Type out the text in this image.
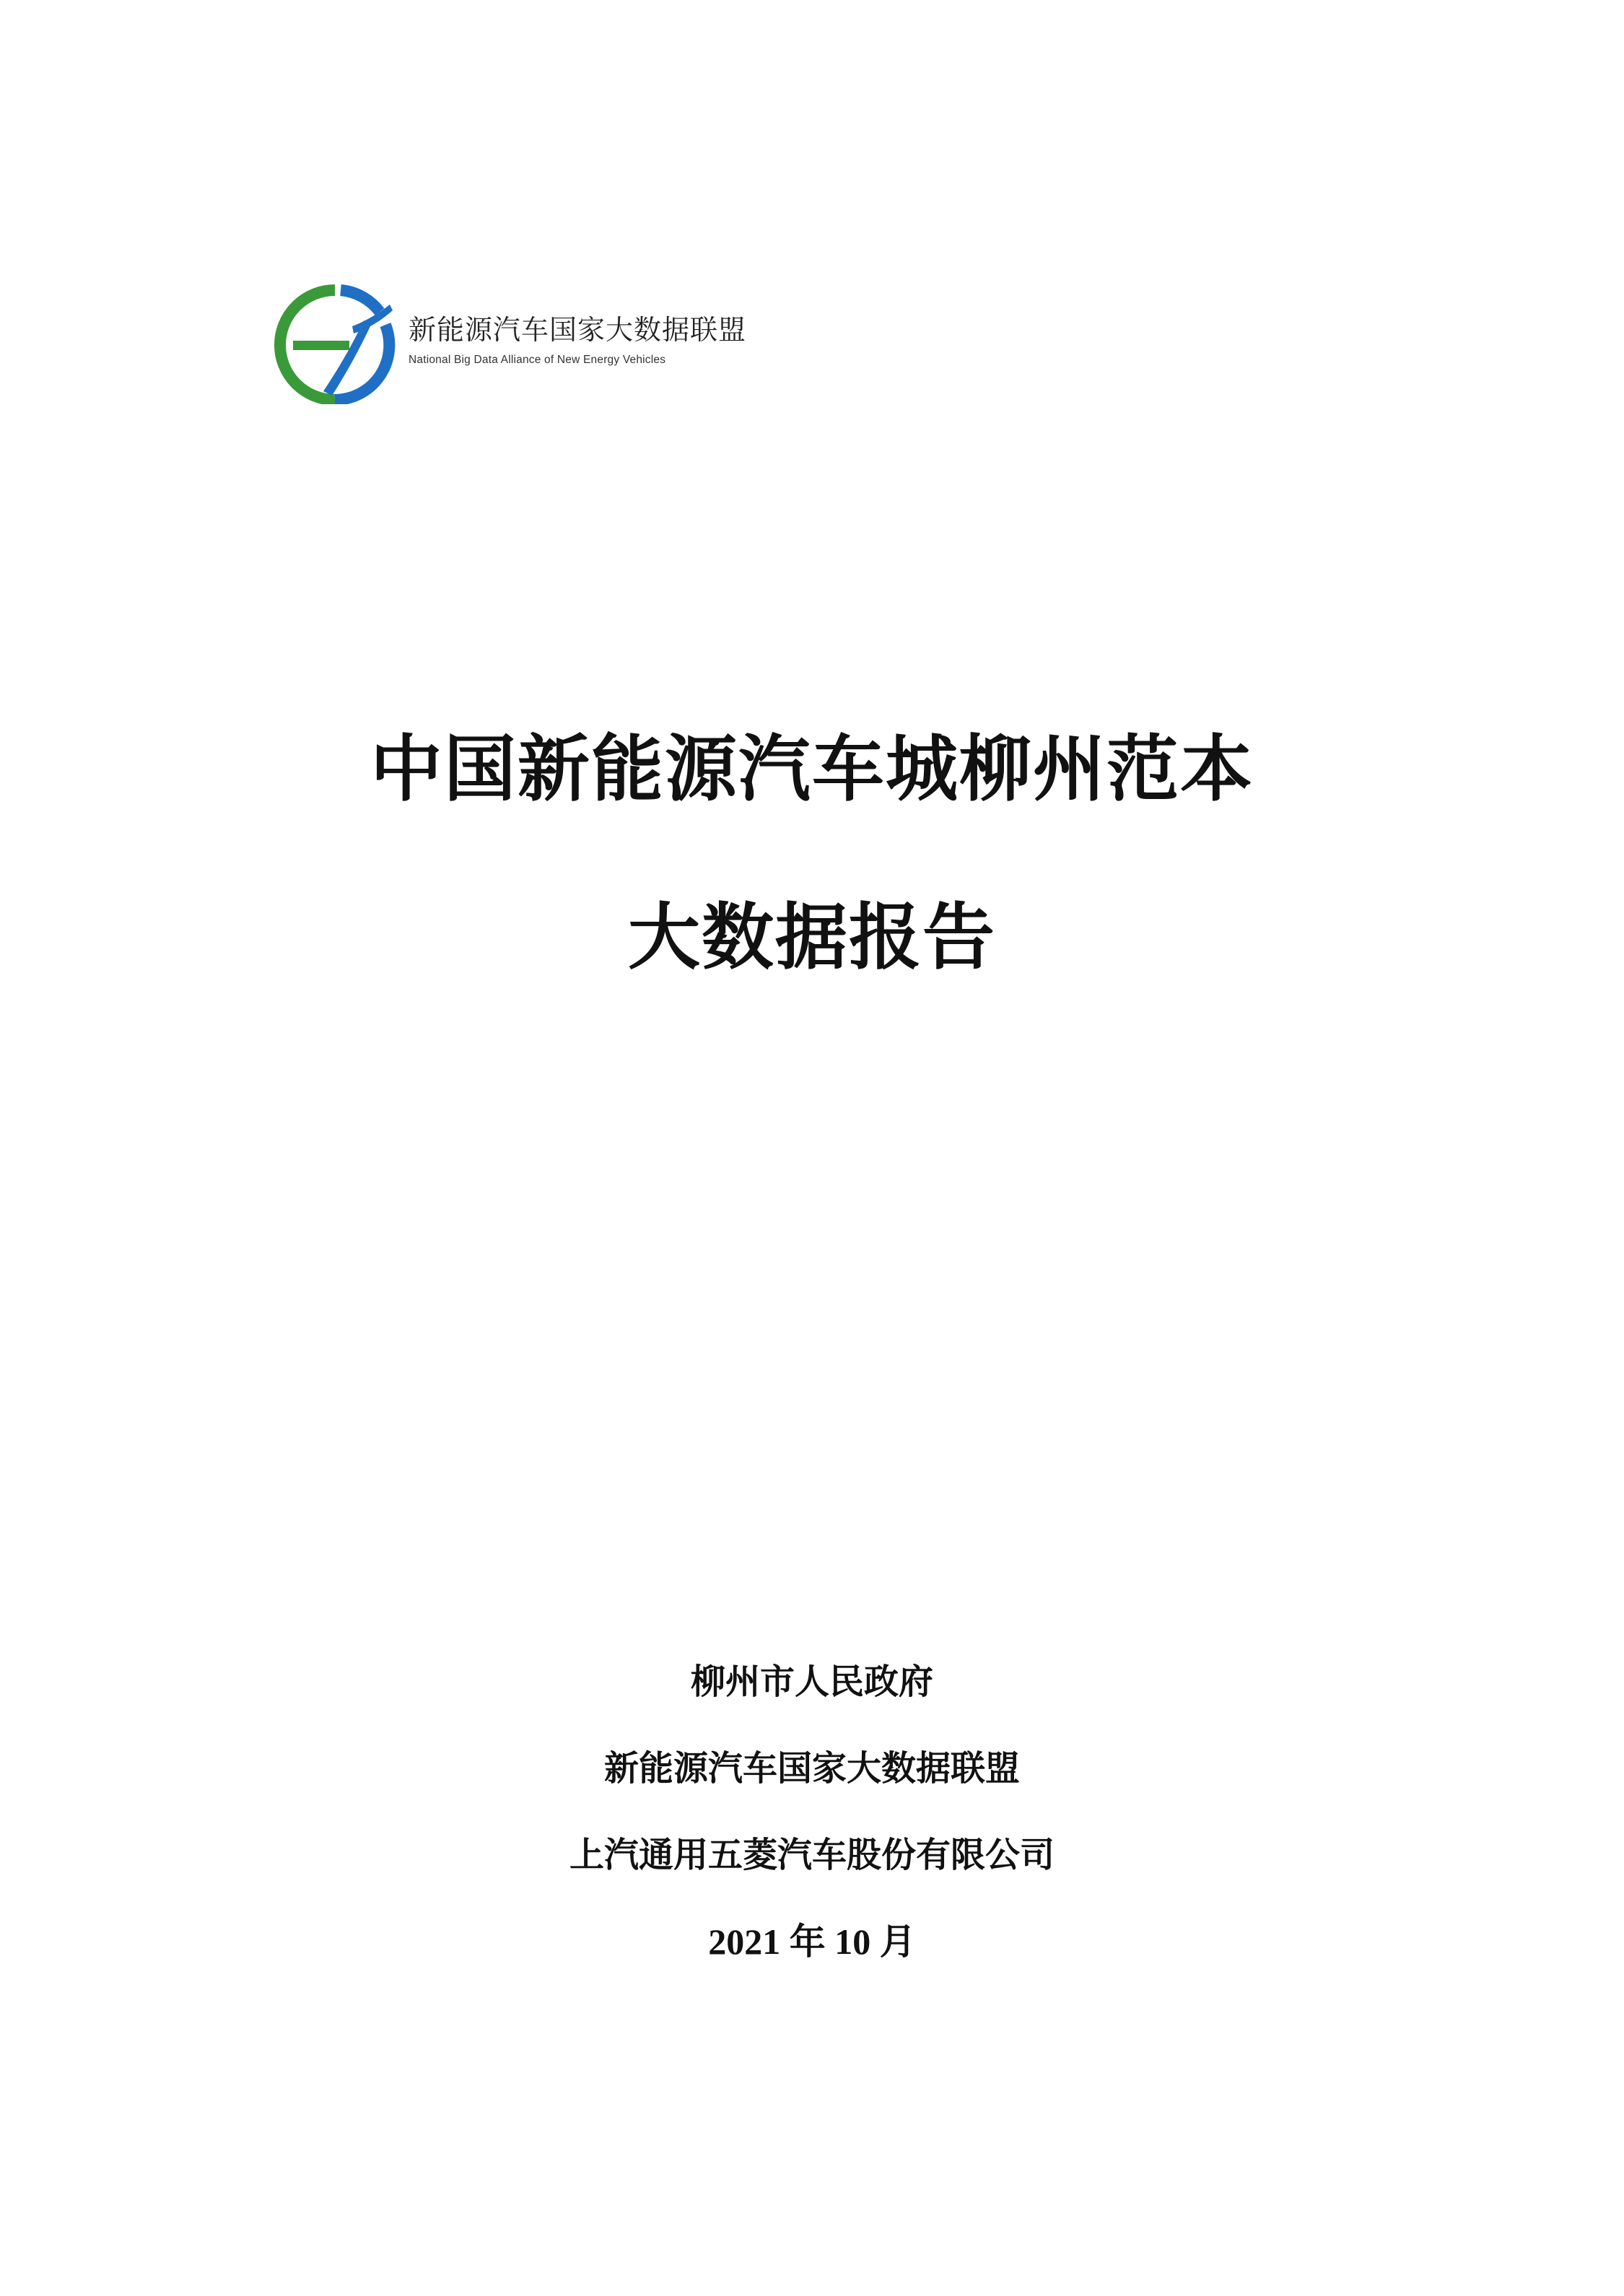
新能源汽车国家大数据联盟
National Big Data Alliance of New Energy Vehicles
中国新能源汽车城柳州范本
大数据报告
柳州市人民政府
新能源汽车国家大数据联盟
上汽通用五菱汽车股份有限公司
2021 年 10 月
